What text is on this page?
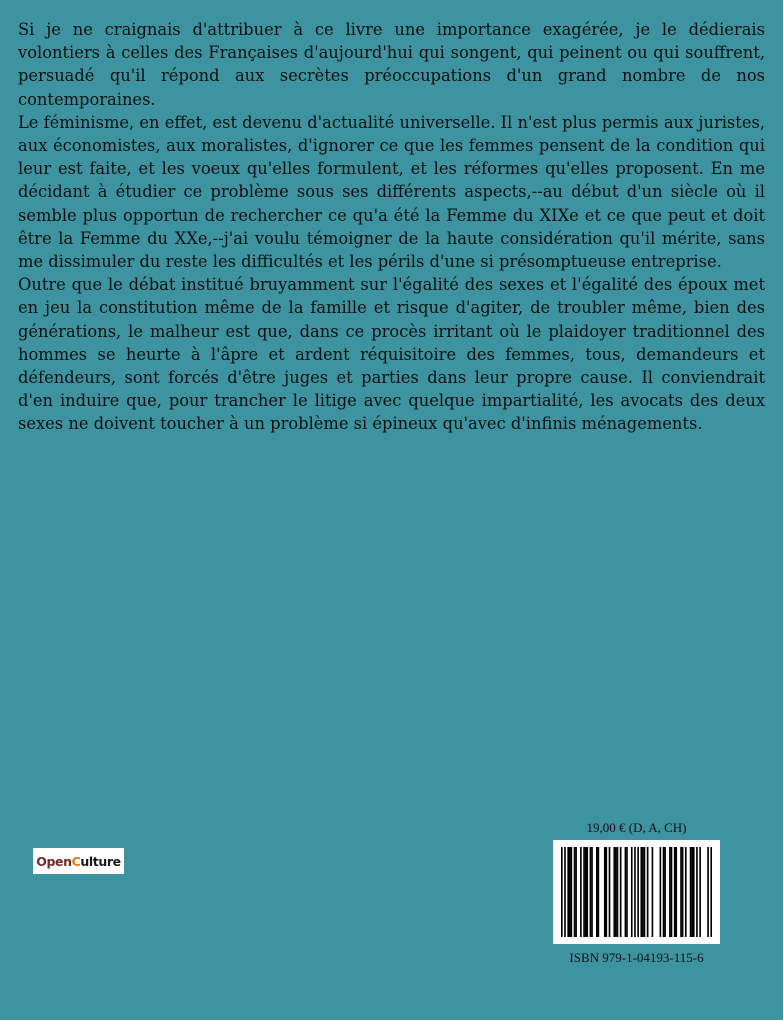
Si je ne craignais d'attribuer à ce livre une importance exagérée, je le dédierais volontiers à celles des Françaises d'aujourd'hui qui songent, qui peinent ou qui souffrent, persuadé qu'il répond aux secrètes préoccupations d'un grand nombre de nos contemporaines.

Le féminisme, en effet, est devenu d'actualité universelle. Il n'est plus permis aux juristes, aux économistes, aux moralistes, d'ignorer ce que les femmes pensent de la condition qui leur est faite, et les voeux qu'elles formulent, et les réformes qu'elles proposent. En me décidant à étudier ce problème sous ses différents aspects,--au début d'un siècle où il semble plus opportun de rechercher ce qu'a été la Femme du XIXe et ce que peut et doit être la Femme du XXe,--j'ai voulu témoigner de la haute considération qu'il mérite, sans me dissimuler du reste les difficultés et les périls d'une si présomptueuse entreprise.

Outre que le débat institué bruyamment sur l'égalité des sexes et l'égalité des époux met en jeu la constitution même de la famille et risque d'agiter, de troubler même, bien des générations, le malheur est que, dans ce procès irritant où le plaidoyer traditionnel des hommes se heurte à l'âpre et ardent réquisitoire des femmes, tous, demandeurs et défendeurs, sont forcés d'être juges et parties dans leur propre cause. Il conviendrait d'en induire que, pour trancher le litige avec quelque impartialité, les avocats des deux sexes ne doivent toucher à un problème si épineux qu'avec d'infinis ménagements.

Open C ulture
19,00 € (D, A, CH)
ISBN 979-1-04193-115-6
